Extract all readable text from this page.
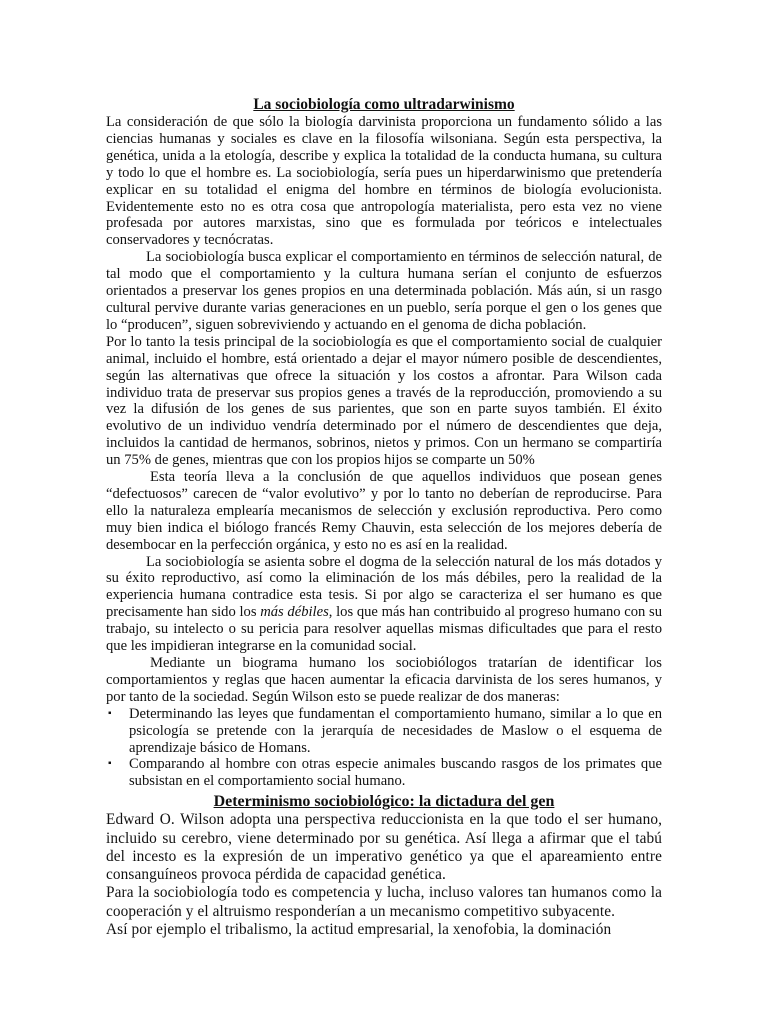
La sociobiología como ultradarwinismo

La consideración de que sólo la biología darvinista proporciona un fundamento sólido a las ciencias humanas y sociales es clave en la filosofía wilsoniana. Según esta perspectiva, la genética, unida a la etología, describe y explica la totalidad de la conducta humana, su cultura y todo lo que el hombre es. La sociobiología, sería pues un hiperdarwinismo que pretendería explicar en su totalidad el enigma del hombre en términos de biología evolucionista. Evidentemente esto no es otra cosa que antropología materialista, pero esta vez no viene profesada por autores marxistas, sino que es formulada por teóricos e intelectuales conservadores y tecnócratas.

La sociobiología busca explicar el comportamiento en términos de selección natural, de tal modo que el comportamiento y la cultura humana serían el conjunto de esfuerzos orientados a preservar los genes propios en una determinada población. Más aún, si un rasgo cultural pervive durante varias generaciones en un pueblo, sería porque el gen o los genes que lo “producen”, siguen sobreviviendo y actuando en el genoma de dicha población.

Por lo tanto la tesis principal de la sociobiología es que el comportamiento social de cualquier animal, incluido el hombre, está orientado a dejar el mayor número posible de descendientes, según las alternativas que ofrece la situación y los costos a afrontar. Para Wilson cada individuo trata de preservar sus propios genes a través de la reproducción, promoviendo a su vez la difusión de los genes de sus parientes, que son en parte suyos también. El éxito evolutivo de un individuo vendría determinado por el número de descendientes que deja, incluidos la cantidad de hermanos, sobrinos, nietos y primos. Con un hermano se compartiría un 75% de genes, mientras que con los propios hijos se comparte un 50%

Esta teoría lleva a la conclusión de que aquellos individuos que posean genes “defectuosos” carecen de “valor evolutivo” y por lo tanto no deberían de reproducirse. Para ello la naturaleza emplearía mecanismos de selección y exclusión reproductiva. Pero como muy bien indica el biólogo francés Remy Chauvin, esta selección de los mejores debería de desembocar en la perfección orgánica, y esto no es así en la realidad.

La sociobiología se asienta sobre el dogma de la selección natural de los más dotados y su éxito reproductivo, así como la eliminación de los más débiles, pero la realidad de la experiencia humana contradice esta tesis. Si por algo se caracteriza el ser humano es que precisamente han sido los más débiles, los que más han contribuido al progreso humano con su trabajo, su intelecto o su pericia para resolver aquellas mismas dificultades que para el resto que les impidieran integrarse en la comunidad social.

Mediante un biograma humano los sociobiólogos tratarían de identificar los comportamientos y reglas que hacen aumentar la eficacia darvinista de los seres humanos, y por tanto de la sociedad. Según Wilson esto se puede realizar de dos maneras:

▪ Determinando las leyes que fundamentan el comportamiento humano, similar a lo que en psicología se pretende con la jerarquía de necesidades de Maslow o el esquema de aprendizaje básico de Homans.
▪ Comparando al hombre con otras especie animales buscando rasgos de los primates que subsistan en el comportamiento social humano.
Determinismo sociobiológico: la dictadura del gen

Edward O. Wilson adopta una perspectiva reduccionista en la que todo el ser humano, incluido su cerebro, viene determinado por su genética. Así llega a afirmar que el tabú del incesto es la expresión de un imperativo genético ya que el apareamiento entre consanguíneos provoca pérdida de capacidad genética.

Para la sociobiología todo es competencia y lucha, incluso valores tan humanos como la cooperación y el altruismo responderían a un mecanismo competitivo subyacente.

Así por ejemplo el tribalismo, la actitud empresarial, la xenofobia, la dominación
